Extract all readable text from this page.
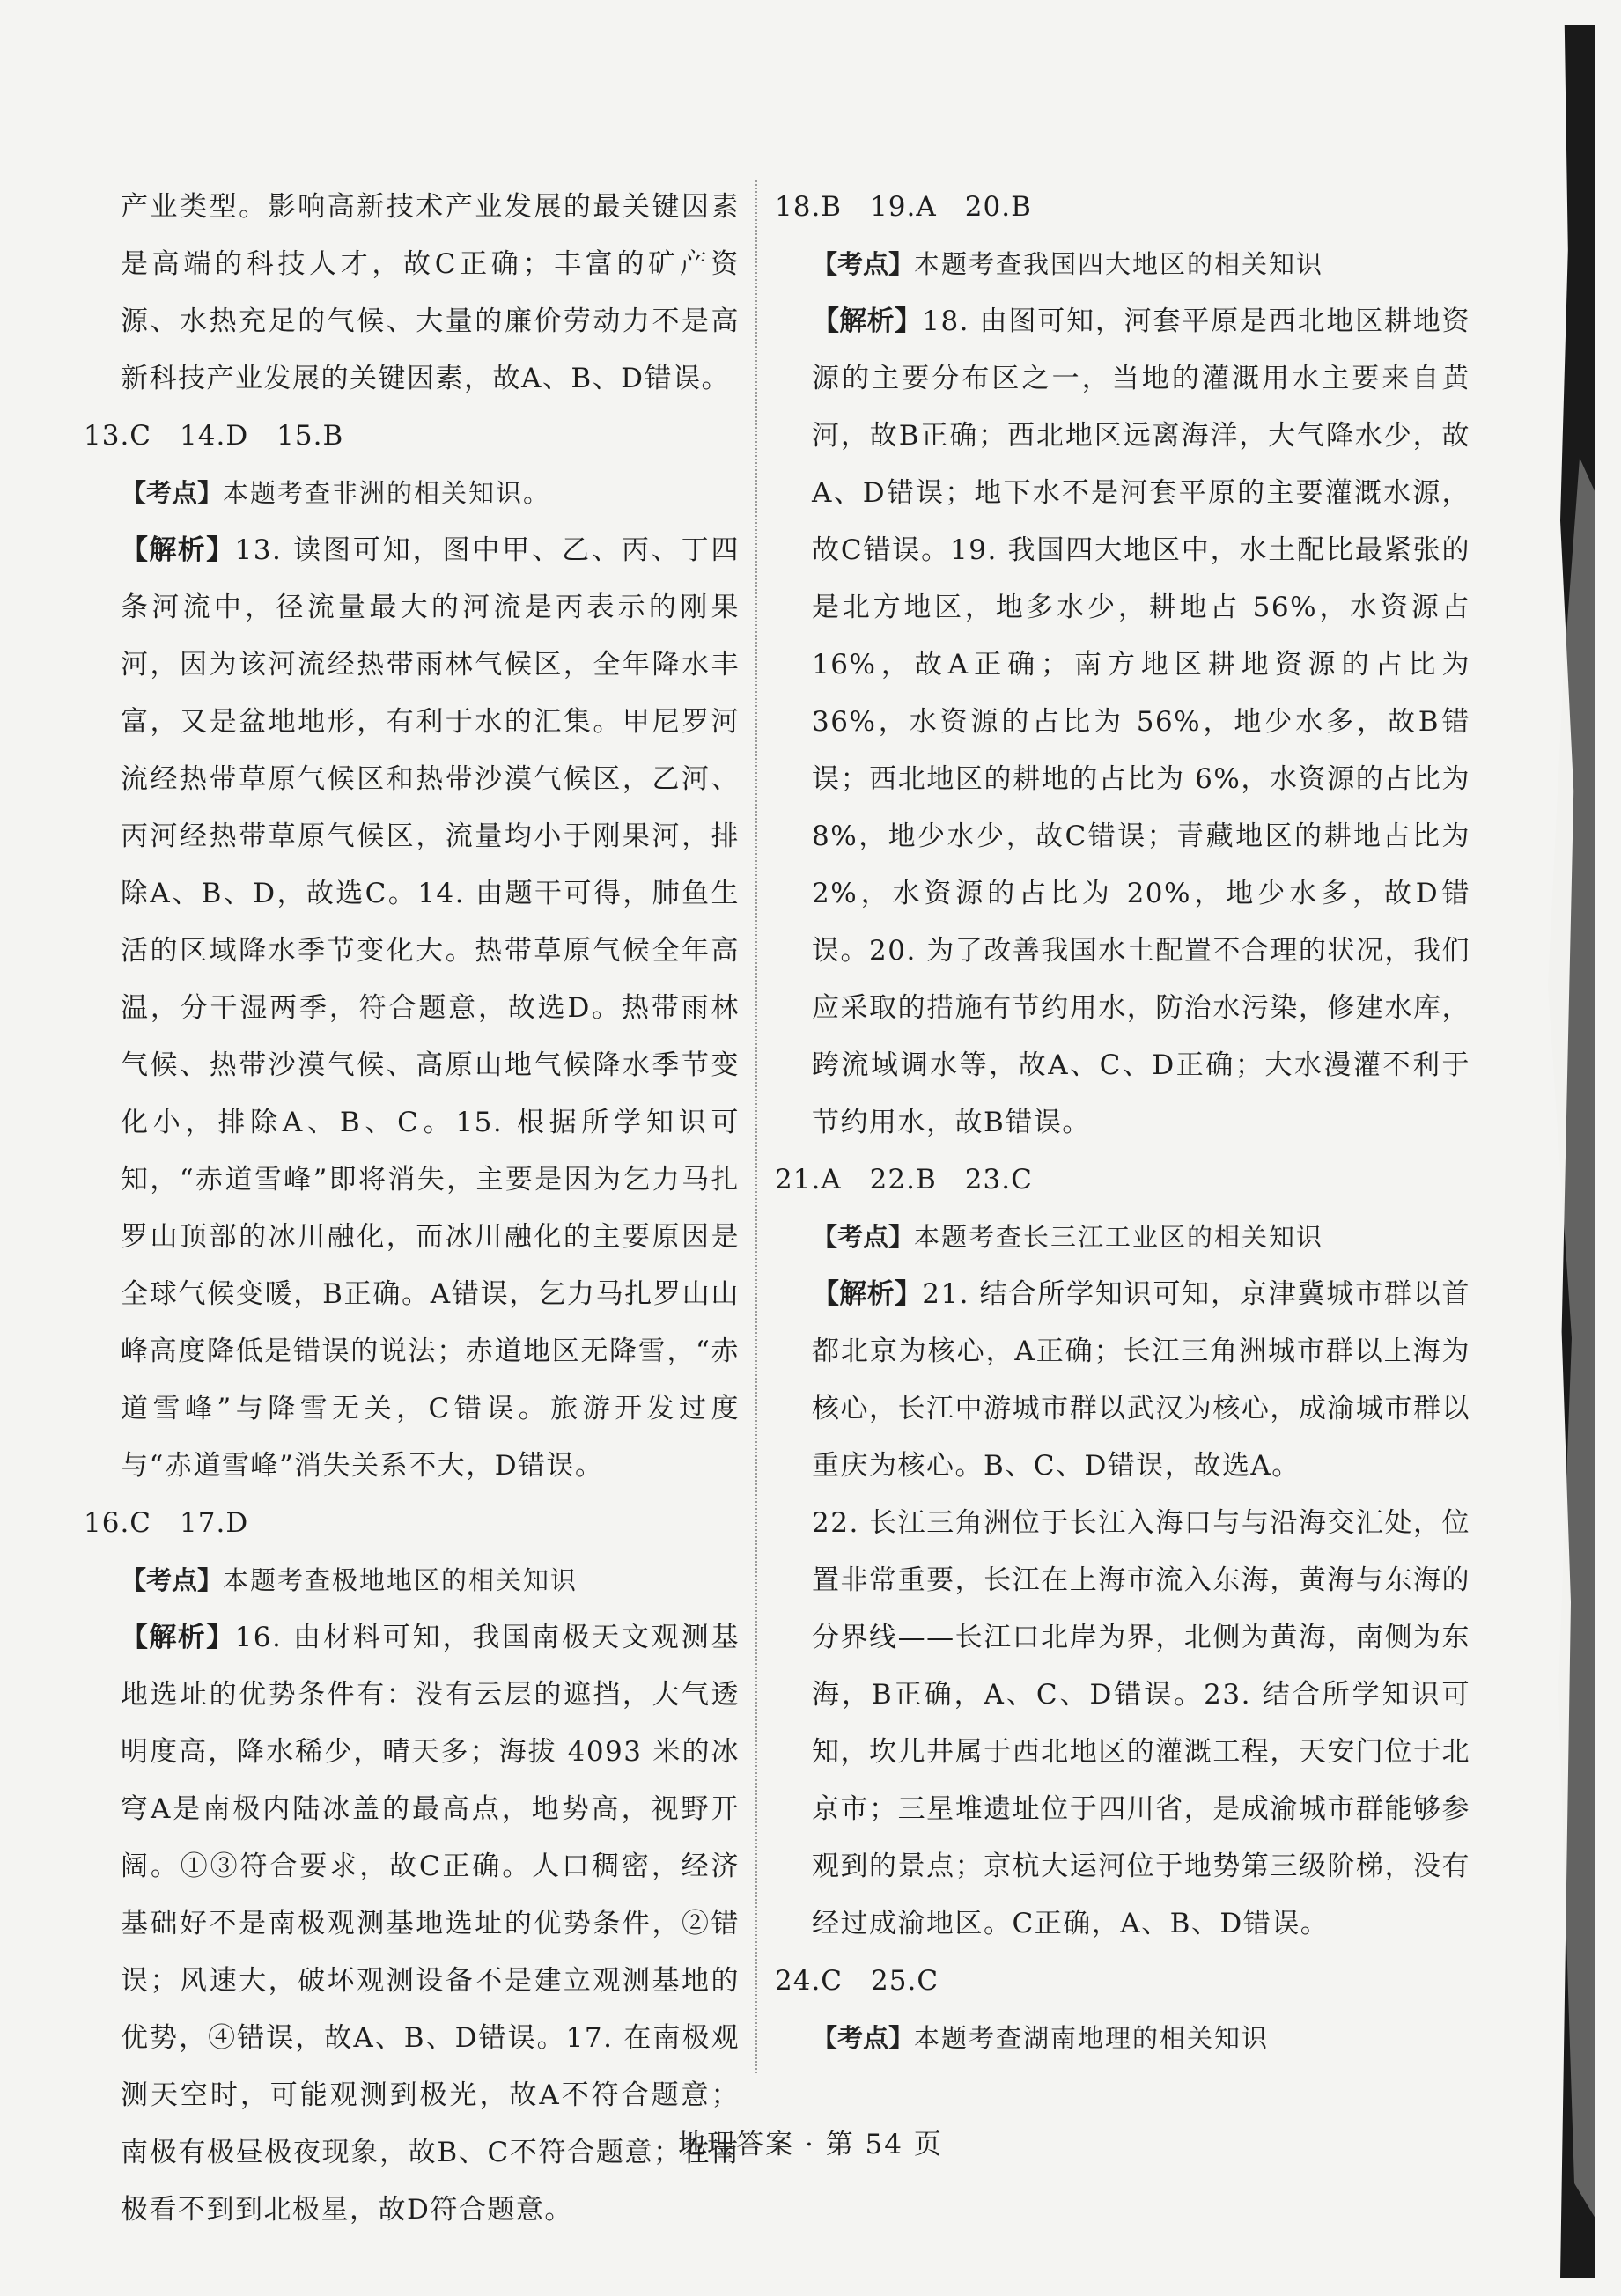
产业类型。影响高新技术产业发展的最关键因素是高端的科技人才，故C正确；丰富的矿产资源、水热充足的气候、大量的廉价劳动力不是高新科技产业发展的关键因素，故A、B、D错误。

13.C　14.D　15.B

【考点】本题考查非洲的相关知识。

【解析】13. 读图可知，图中甲、乙、丙、丁四条河流中，径流量最大的河流是丙表示的刚果河，因为该河流经热带雨林气候区，全年降水丰富，又是盆地地形，有利于水的汇集。甲尼罗河流经热带草原气候区和热带沙漠气候区，乙河、丙河经热带草原气候区，流量均小于刚果河，排除A、B、D，故选C。14. 由题干可得，肺鱼生活的区域降水季节变化大。热带草原气候全年高温，分干湿两季，符合题意，故选D。热带雨林气候、热带沙漠气候、高原山地气候降水季节变化小，排除A、B、C。15. 根据所学知识可知，“赤道雪峰”即将消失，主要是因为乞力马扎罗山顶部的冰川融化，而冰川融化的主要原因是全球气候变暖，B正确。A错误，乞力马扎罗山山峰高度降低是错误的说法；赤道地区无降雪，“赤道雪峰”与降雪无关，C错误。旅游开发过度与“赤道雪峰”消失关系不大，D错误。

16.C　17.D

【考点】本题考查极地地区的相关知识

【解析】16. 由材料可知，我国南极天文观测基地选址的优势条件有：没有云层的遮挡，大气透明度高，降水稀少，晴天多；海拔 4093 米的冰穹A是南极内陆冰盖的最高点，地势高，视野开阔。①③符合要求，故C正确。人口稠密，经济基础好不是南极观测基地选址的优势条件，②错误；风速大，破坏观测设备不是建立观测基地的优势，④错误，故A、B、D错误。17. 在南极观测天空时，可能观测到极光，故A不符合题意；南极有极昼极夜现象，故B、C不符合题意；在南极看不到到北极星，故D符合题意。

18.B　19.A　20.B

【考点】本题考查我国四大地区的相关知识

【解析】18. 由图可知，河套平原是西北地区耕地资源的主要分布区之一，当地的灌溉用水主要来自黄河，故B正确；西北地区远离海洋，大气降水少，故A、D错误；地下水不是河套平原的主要灌溉水源，故C错误。19. 我国四大地区中，水土配比最紧张的是北方地区，地多水少，耕地占 56%，水资源占 16%，故A正确；南方地区耕地资源的占比为 36%，水资源的占比为 56%，地少水多，故B错误；西北地区的耕地的占比为 6%，水资源的占比为 8%，地少水少，故C错误；青藏地区的耕地占比为 2%，水资源的占比为 20%，地少水多，故D错误。20. 为了改善我国水土配置不合理的状况，我们应采取的措施有节约用水，防治水污染，修建水库，跨流域调水等，故A、C、D正确；大水漫灌不利于节约用水，故B错误。

21.A　22.B　23.C

【考点】本题考查长三江工业区的相关知识

【解析】21. 结合所学知识可知，京津冀城市群以首都北京为核心，A正确；长江三角洲城市群以上海为核心，长江中游城市群以武汉为核心，成渝城市群以重庆为核心。B、C、D错误，故选A。

22. 长江三角洲位于长江入海口与与沿海交汇处，位置非常重要，长江在上海市流入东海，黄海与东海的分界线——长江口北岸为界，北侧为黄海，南侧为东海，B正确，A、C、D错误。23. 结合所学知识可知，坎儿井属于西北地区的灌溉工程，天安门位于北京市；三星堆遗址位于四川省，是成渝城市群能够参观到的景点；京杭大运河位于地势第三级阶梯，没有经过成渝地区。C正确，A、B、D错误。

24.C　25.C

【考点】本题考查湖南地理的相关知识

地理答案 · 第 54 页
